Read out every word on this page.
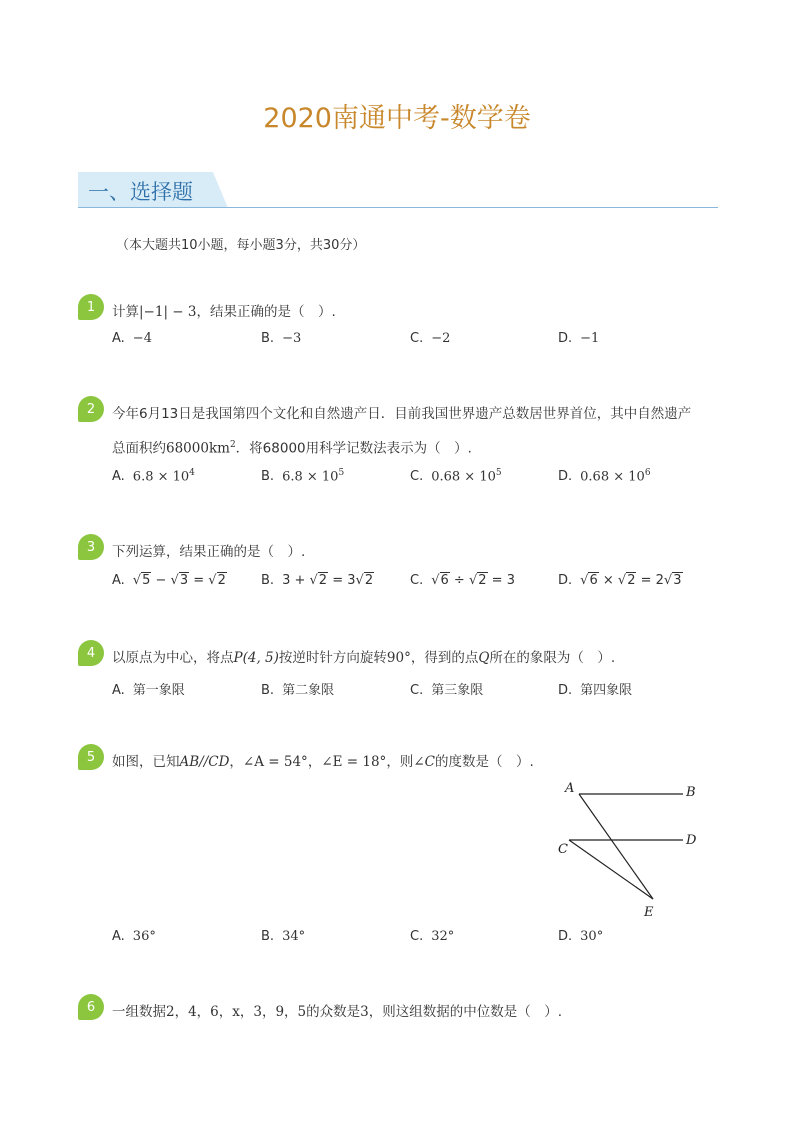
2020南通中考-数学卷
一、选择题
（本大题共10小题，每小题3分，共30分）
1	计算|−1| − 3，结果正确的是（　）.
A. −4	B. −3	C. −2	D. −1
2	今年6月13日是我国第四个文化和自然遗产日．目前我国世界遗产总数居世界首位，其中自然遗产总面积约$68000km^2$．将68000用科学记数法表示为（　）.
A. $6.8 \times 10^4$	B. $6.8 \times 10^5$	C. $0.68 \times 10^5$	D. $0.68 \times 10^6$
3	下列运算，结果正确的是（　）.
A. √5 − √3 = √2	B. 3 + √2 = 3√2	C. √6 ÷ √2 = 3	D. √6 × √2 = 2√3
4	以原点为中心，将点P(4, 5)按逆时针方向旋转90°，得到的点Q所在的象限为（　）.
A. 第一象限	B. 第二象限	C. 第三象限	D. 第四象限
5	如图，已知AB//CD，∠A = 54°，∠E = 18°，则∠C的度数是（　）.
A. 36°	B. 34°	C. 32°	D. 30°
A	B
C
D
E
6	一组数据2，4，6，x，3，9，5的众数是3，则这组数据的中位数是（　）.
